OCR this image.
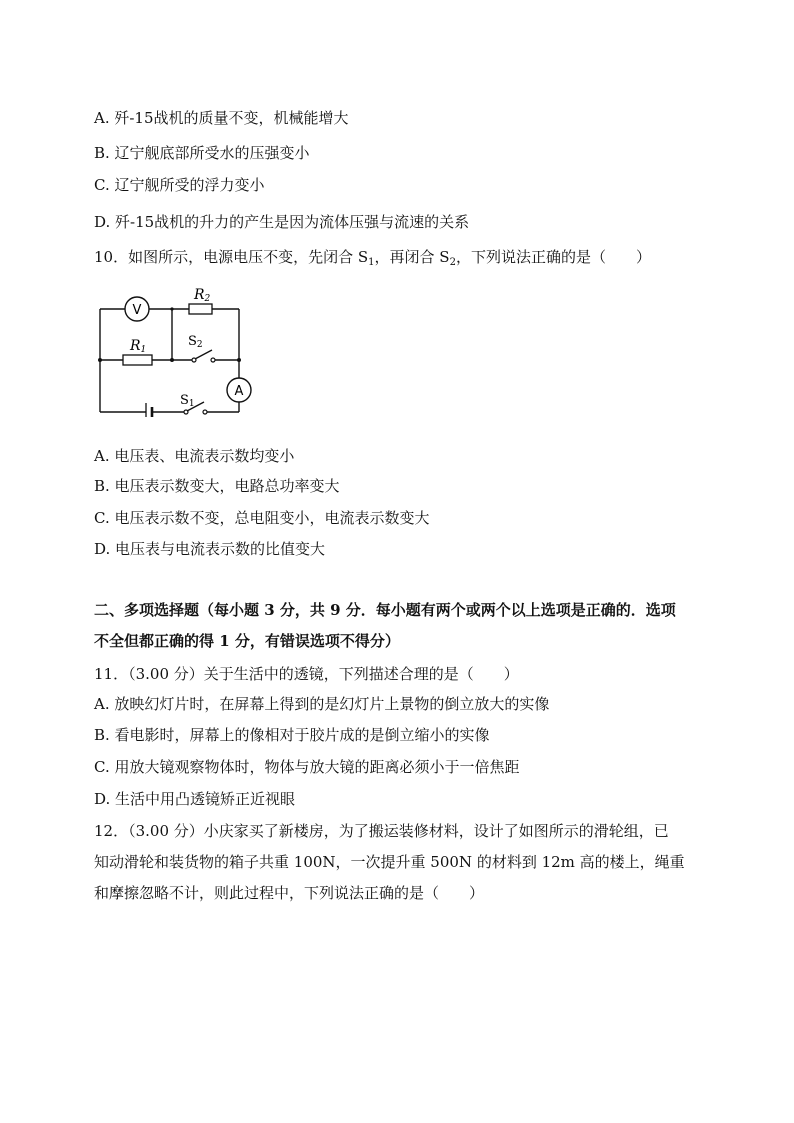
A. 歼-15战机的质量不变，机械能增大
B. 辽宁舰底部所受水的压强变小
C. 辽宁舰所受的浮力变小
D. 歼-15战机的升力的产生是因为流体压强与流速的关系
10．如图所示，电源电压不变，先闭合 $S_1$，再闭合 $S_2$，下列说法正确的是（　　）
V
R2
R1
S2
A
S1
A. 电压表、电流表示数均变小
B. 电压表示数变大，电路总功率变大
C. 电压表示数不变，总电阻变小，电流表示数变大
D. 电压表与电流表示数的比值变大
二、多项选择题（每小题 3 分，共 9 分．每小题有两个或两个以上选项是正确的．选项
不全但都正确的得 1 分，有错误选项不得分）
11．（3.00 分）关于生活中的透镜，下列描述合理的是（　　）
A. 放映幻灯片时，在屏幕上得到的是幻灯片上景物的倒立放大的实像
B. 看电影时，屏幕上的像相对于胶片成的是倒立缩小的实像
C. 用放大镜观察物体时，物体与放大镜的距离必须小于一倍焦距
D. 生活中用凸透镜矫正近视眼
12．（3.00 分）小庆家买了新楼房，为了搬运装修材料，设计了如图所示的滑轮组，已
知动滑轮和装货物的箱子共重 100N，一次提升重 500N 的材料到 12m 高的楼上，绳重
和摩擦忽略不计，则此过程中，下列说法正确的是（　　）
